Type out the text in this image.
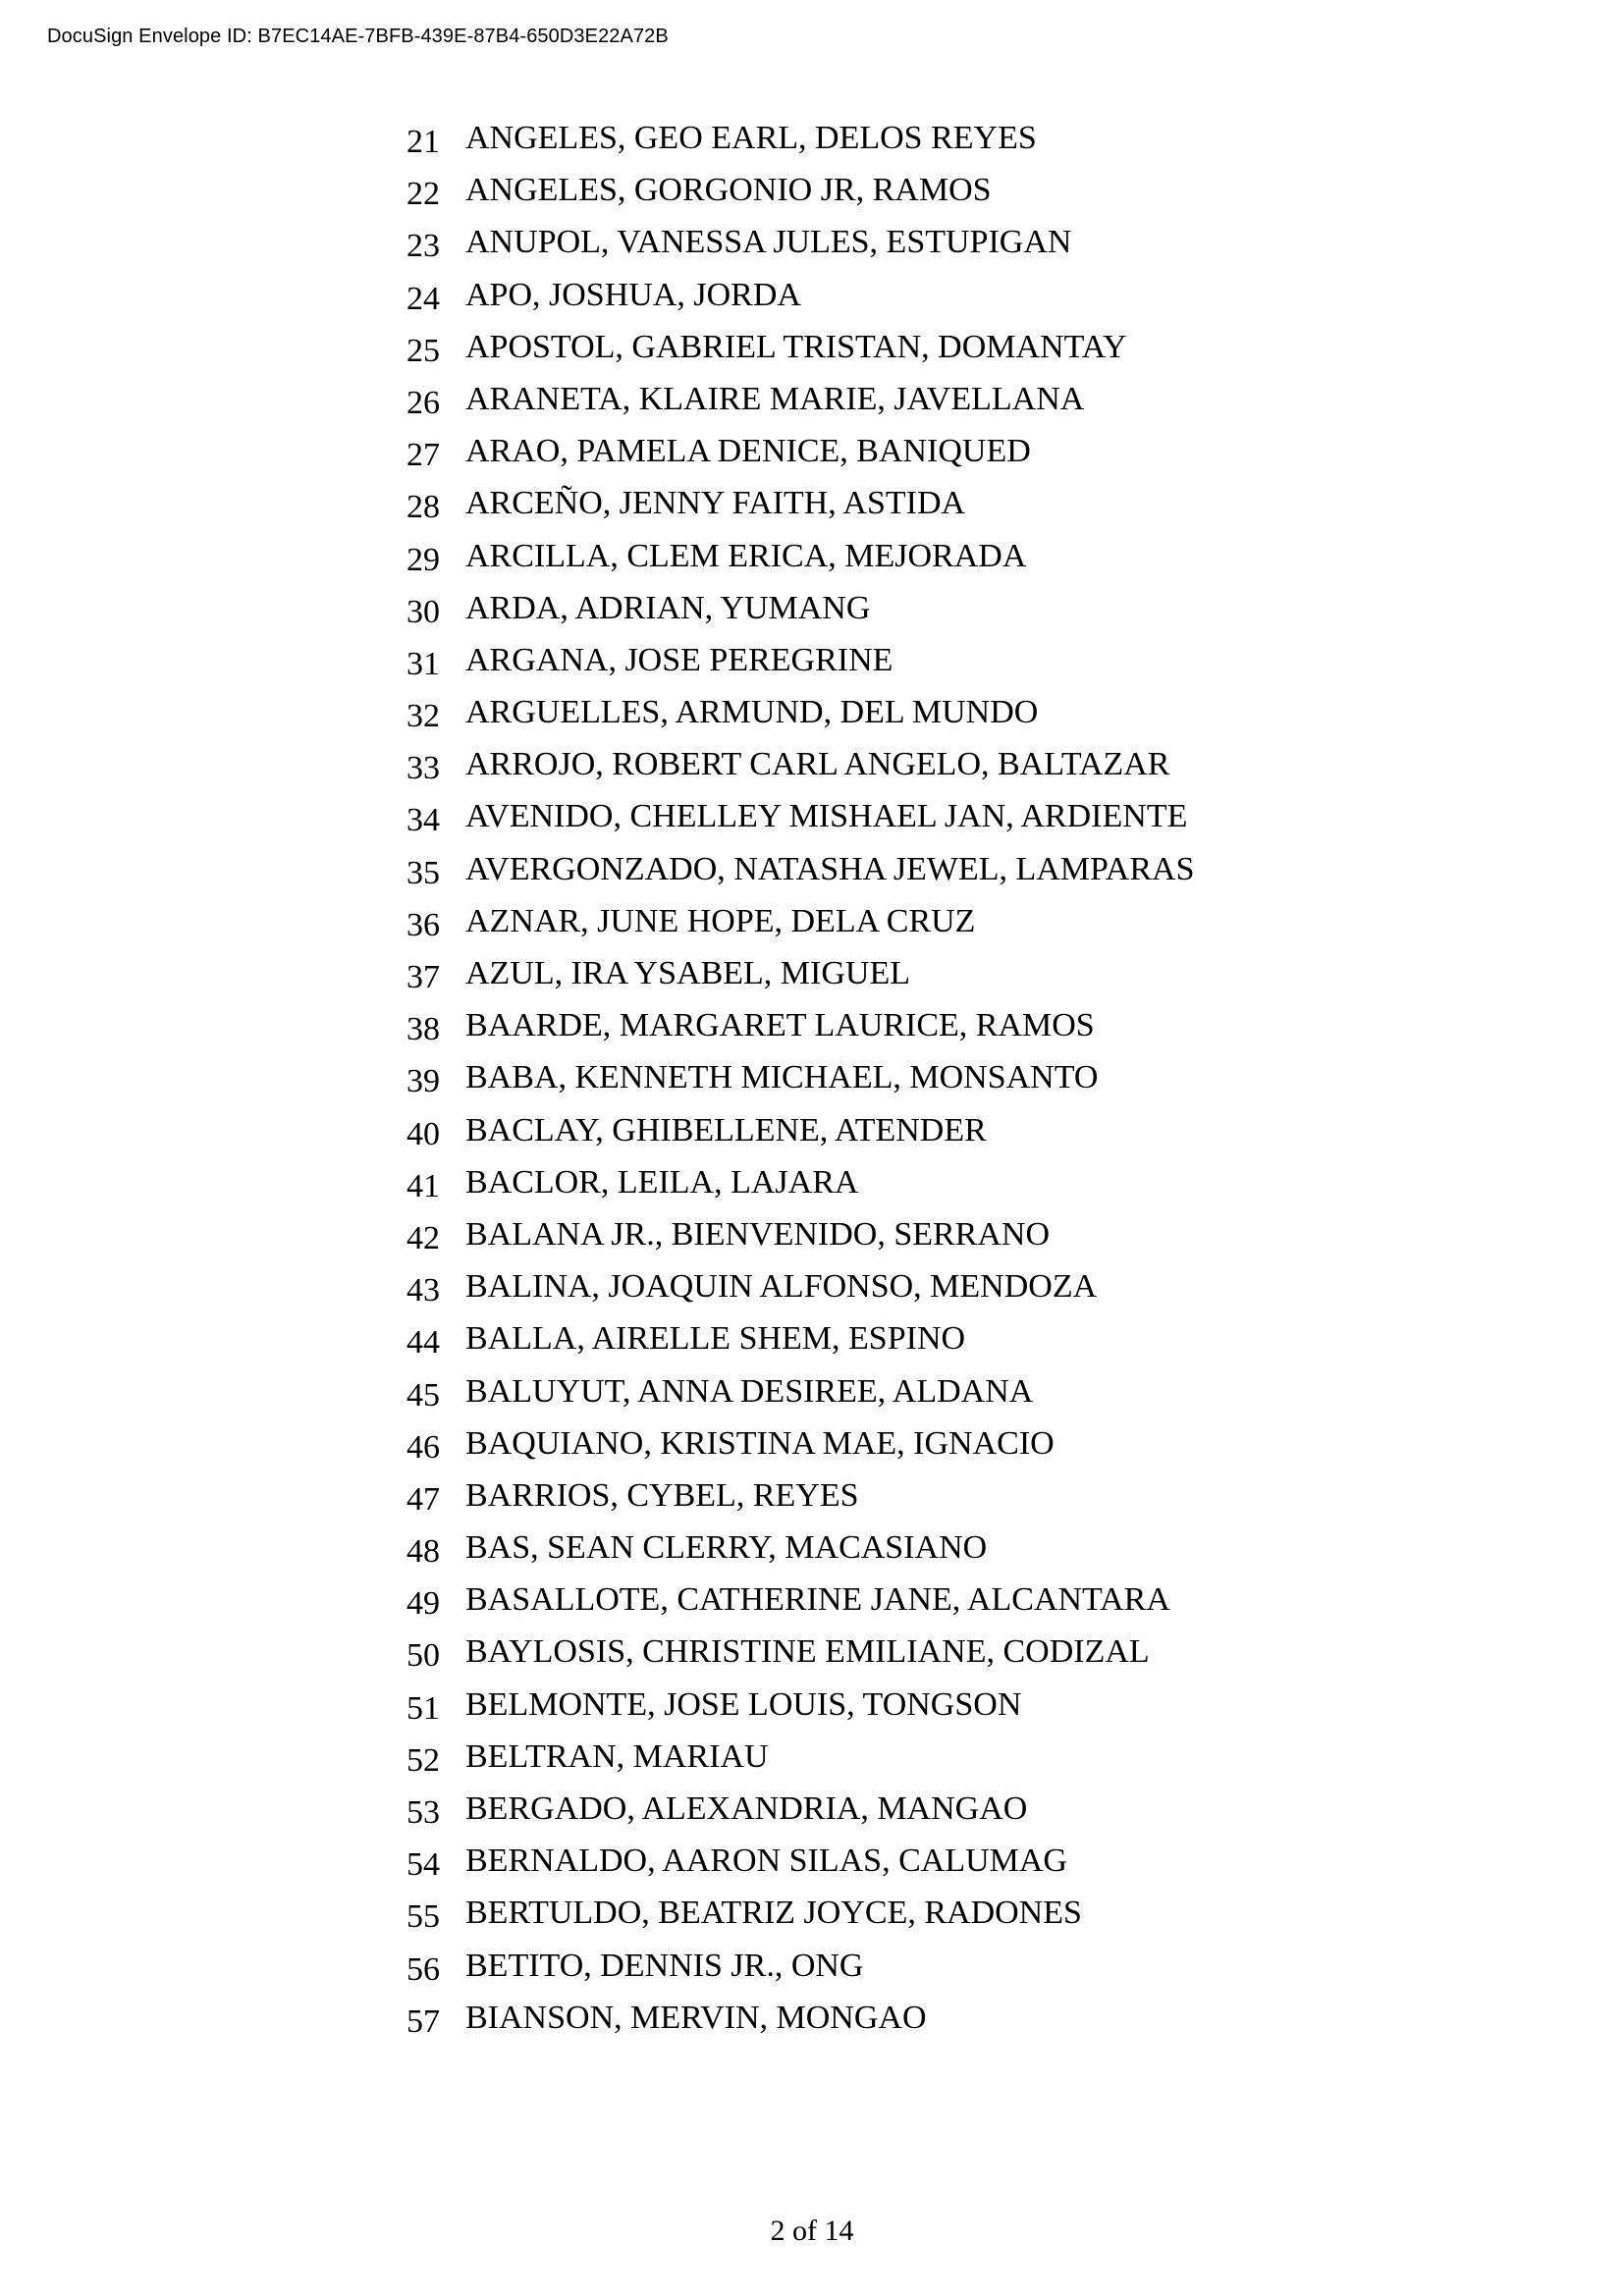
DocuSign Envelope ID: B7EC14AE-7BFB-439E-87B4-650D3E22A72B
21 ANGELES, GEO EARL, DELOS REYES
22 ANGELES, GORGONIO JR, RAMOS
23 ANUPOL, VANESSA JULES, ESTUPIGAN
24 APO, JOSHUA, JORDA
25 APOSTOL, GABRIEL TRISTAN, DOMANTAY
26 ARANETA, KLAIRE MARIE, JAVELLANA
27 ARAO, PAMELA DENICE, BANIQUED
28 ARCEÑO, JENNY FAITH, ASTIDA
29 ARCILLA, CLEM ERICA, MEJORADA
30 ARDA, ADRIAN, YUMANG
31 ARGANA, JOSE PEREGRINE
32 ARGUELLES, ARMUND, DEL MUNDO
33 ARROJO, ROBERT CARL ANGELO, BALTAZAR
34 AVENIDO, CHELLEY MISHAEL JAN, ARDIENTE
35 AVERGONZADO, NATASHA JEWEL, LAMPARAS
36 AZNAR, JUNE HOPE, DELA CRUZ
37 AZUL, IRA YSABEL, MIGUEL
38 BAARDE, MARGARET LAURICE, RAMOS
39 BABA, KENNETH MICHAEL, MONSANTO
40 BACLAY, GHIBELLENE, ATENDER
41 BACLOR, LEILA, LAJARA
42 BALANA JR., BIENVENIDO, SERRANO
43 BALINA, JOAQUIN ALFONSO, MENDOZA
44 BALLA, AIRELLE SHEM, ESPINO
45 BALUYUT, ANNA DESIREE, ALDANA
46 BAQUIANO, KRISTINA MAE, IGNACIO
47 BARRIOS, CYBEL, REYES
48 BAS, SEAN CLERRY, MACASIANO
49 BASALLOTE, CATHERINE JANE, ALCANTARA
50 BAYLOSIS, CHRISTINE EMILIANE, CODIZAL
51 BELMONTE, JOSE LOUIS, TONGSON
52 BELTRAN, MARIAU
53 BERGADO, ALEXANDRIA, MANGAO
54 BERNALDO, AARON SILAS, CALUMAG
55 BERTULDO, BEATRIZ JOYCE, RADONES
56 BETITO, DENNIS JR., ONG
57 BIANSON, MERVIN, MONGAO
2 of 14
